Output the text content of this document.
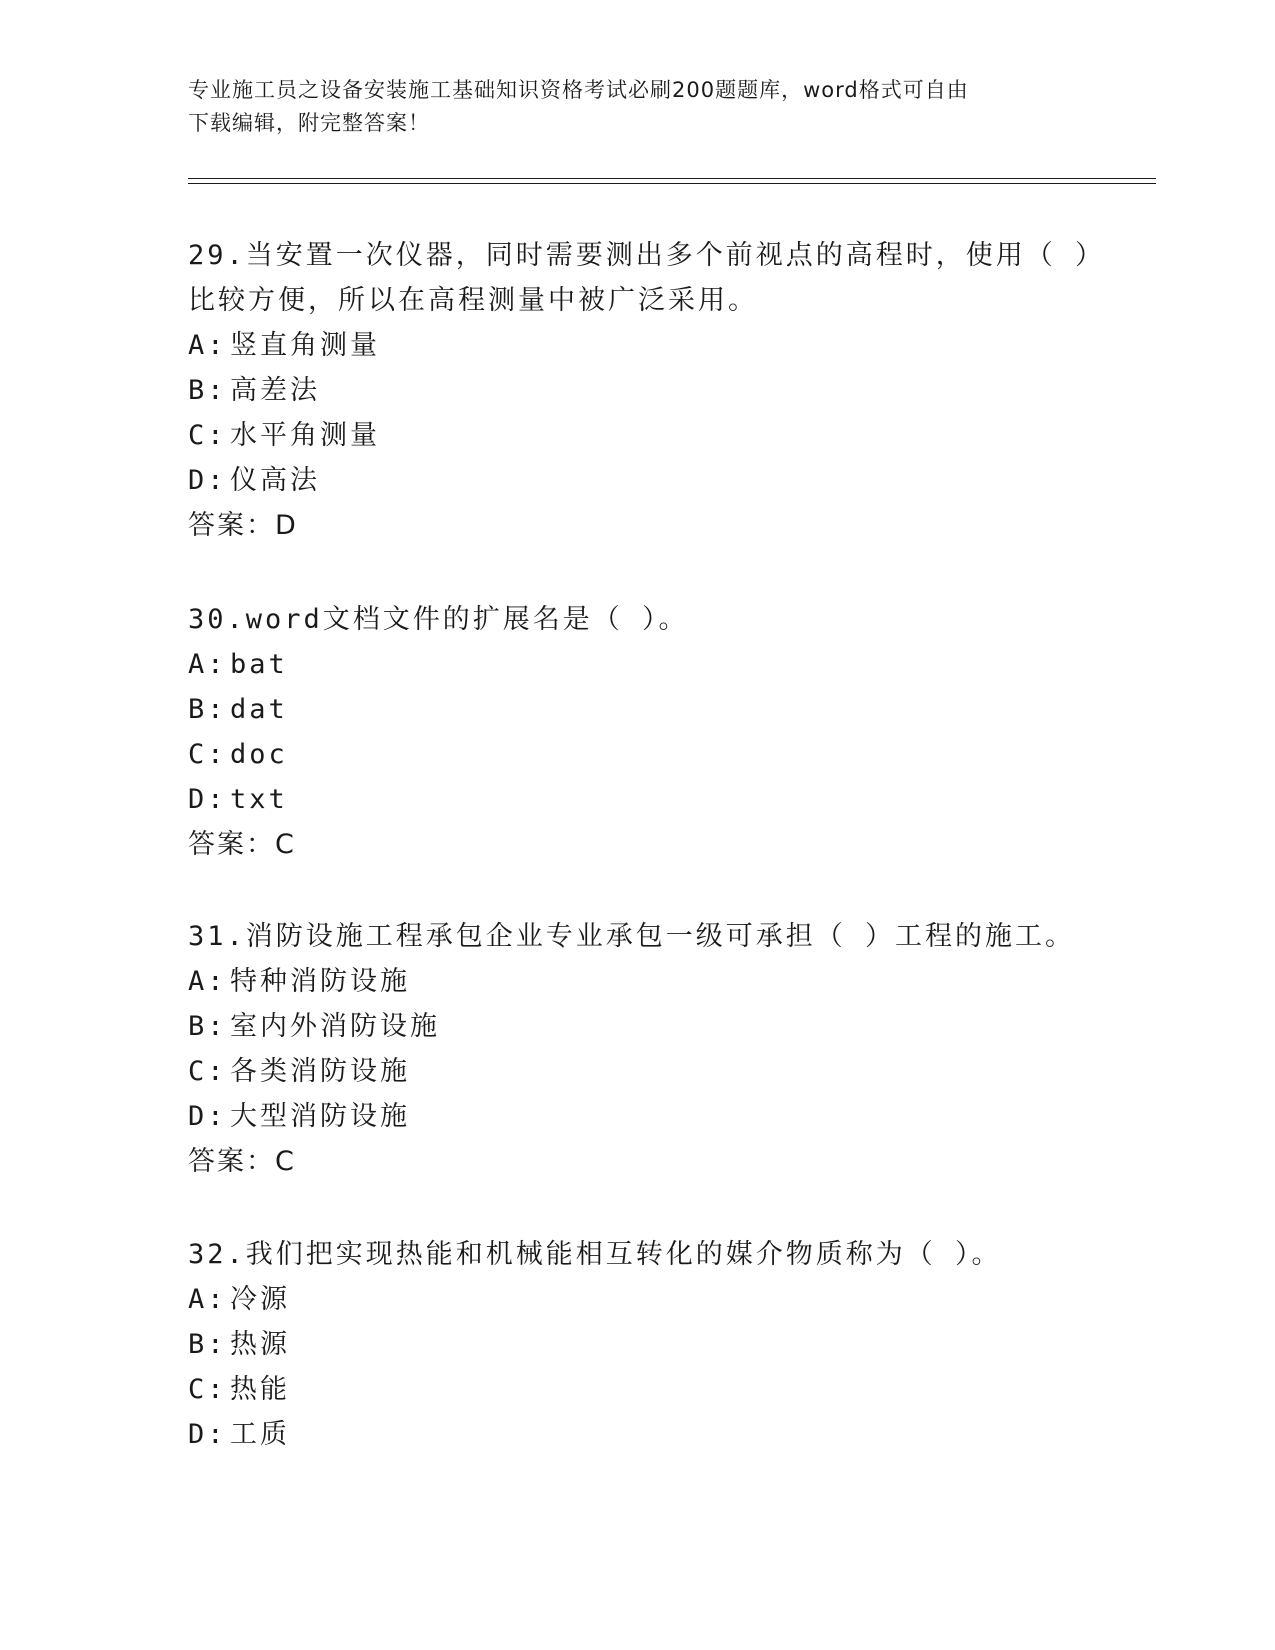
专业施工员之设备安装施工基础知识资格考试必刷200题题库，word格式可自由
下载编辑，附完整答案！
29.当安置一次仪器，同时需要测出多个前视点的高程时，使用（ ）
比较方便，所以在高程测量中被广泛采用。
A: 竖直角测量
B: 高差法
C: 水平角测量
D: 仪高法
答案：D
30.word文档文件的扩展名是（ ）。
A: bat
B: dat
C: doc
D: txt
答案：C
31.消防设施工程承包企业专业承包一级可承担（ ）工程的施工。
A: 特种消防设施
B: 室内外消防设施
C: 各类消防设施
D: 大型消防设施
答案：C
32.我们把实现热能和机械能相互转化的媒介物质称为（ ）。
A: 冷源
B: 热源
C: 热能
D: 工质
